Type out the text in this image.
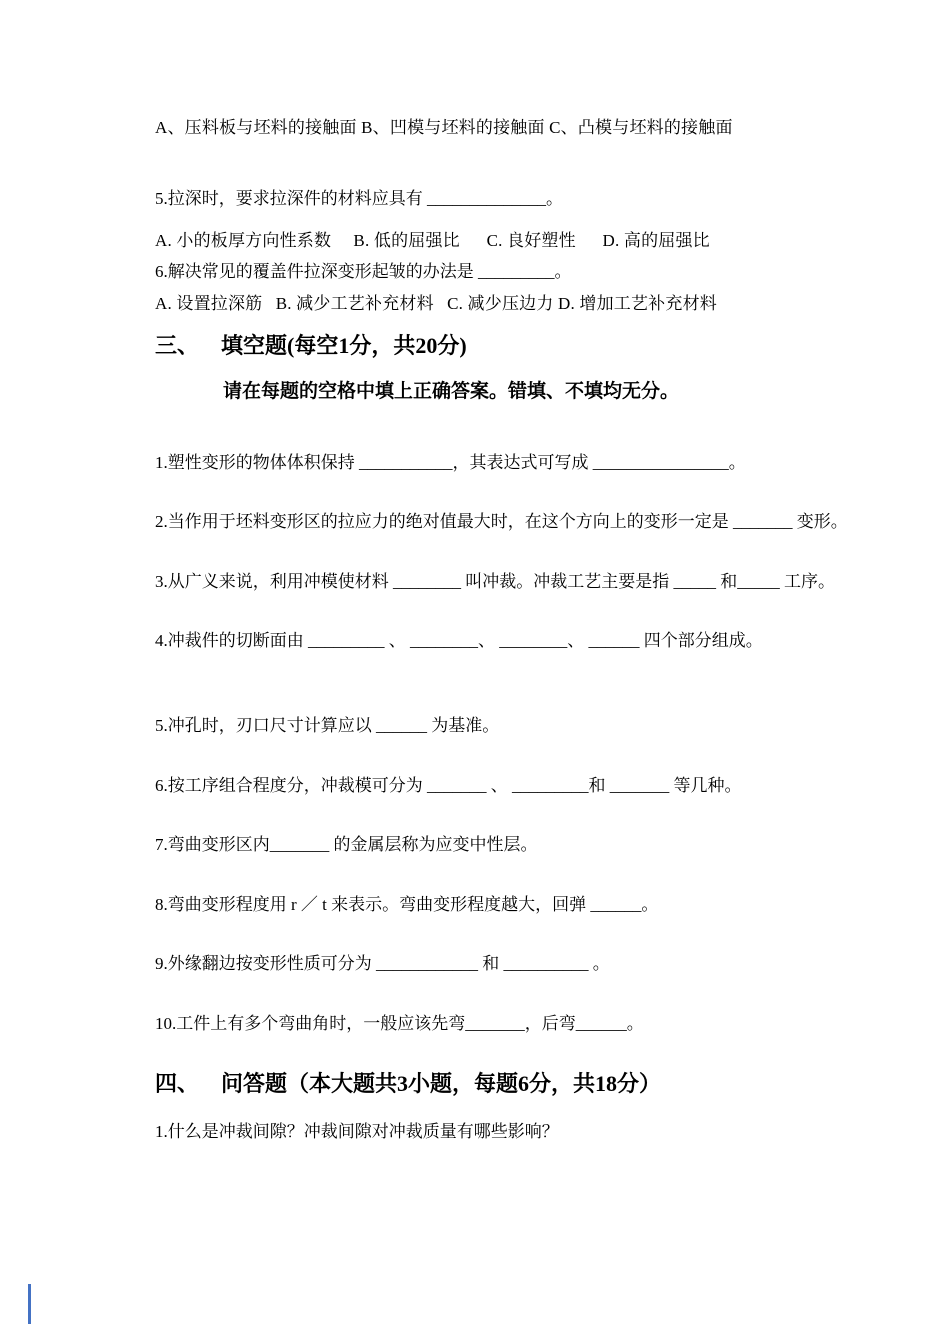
A、压料板与坯料的接触面 B、凹模与坯料的接触面 C、凸模与坯料的接触面
5.拉深时，要求拉深件的材料应具有 ______________。
A. 小的板厚方向性系数     B. 低的屈强比      C. 良好塑性      D. 高的屈强比
6.解决常见的覆盖件拉深变形起皱的办法是 _________。
A. 设置拉深筋   B. 减少工艺补充材料   C. 减少压边力 D. 增加工艺补充材料
三、    填空题(每空1分，共20分)
请在每题的空格中填上正确答案。错填、不填均无分。
1.塑性变形的物体体积保持 ___________，其表达式可写成 ________________。
2.当作用于坯料变形区的拉应力的绝对值最大时，在这个方向上的变形一定是 _______ 变形。
3.从广义来说，利用冲模使材料 ________ 叫冲裁。冲裁工艺主要是指 _____ 和_____ 工序。
4.冲裁件的切断面由 _________ 、 ________、 ________、 ______ 四个部分组成。
5.冲孔时，刃口尺寸计算应以 ______ 为基准。
6.按工序组合程度分，冲裁模可分为 _______ 、 _________和 _______ 等几种。
7.弯曲变形区内_______ 的金属层称为应变中性层。
8.弯曲变形程度用 r ／ t 来表示。弯曲变形程度越大，回弹 ______。
9.外缘翻边按变形性质可分为 ____________ 和 __________ 。
10.工件上有多个弯曲角时，一般应该先弯_______，后弯______。
四、    问答题（本大题共3小题，每题6分，共18分）
1.什么是冲裁间隙？冲裁间隙对冲裁质量有哪些影响？
